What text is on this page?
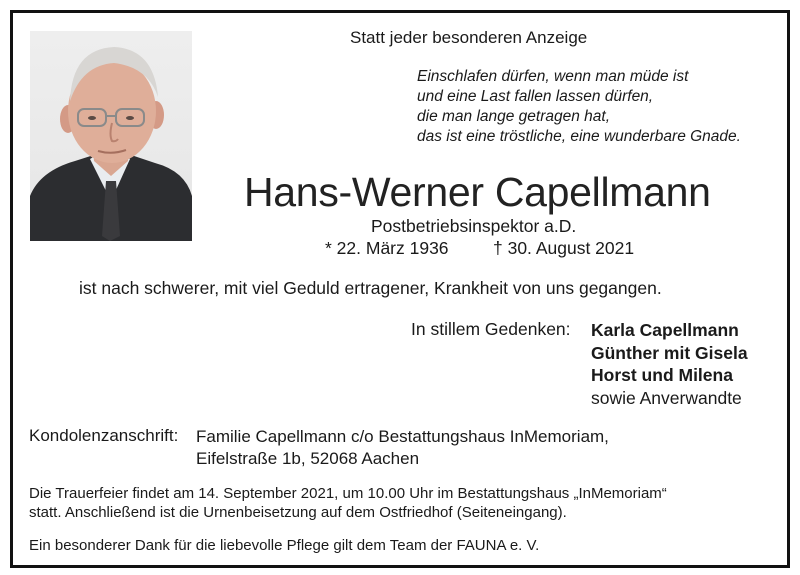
Statt jeder besonderen Anzeige
Einschlafen dürfen, wenn man müde ist
und eine Last fallen lassen dürfen,
die man lange getragen hat,
das ist eine tröstliche, eine wunderbare Gnade.
Hans-Werner Capellmann
Postbetriebsinspektor a.D.
* 22. März 1936	† 30. August 2021
ist nach schwerer, mit viel Geduld ertragener, Krankheit von uns gegangen.
In stillem Gedenken: Karla Capellmann
Günther mit Gisela
Horst und Milena
sowie Anverwandte
Kondolenzanschrift: Familie Capellmann c/o Bestattungshaus InMemoriam,
Eifelstraße 1b, 52068 Aachen
Die Trauerfeier findet am 14. September 2021, um 10.00 Uhr im Bestattungshaus „InMemoriam“
statt. Anschließend ist die Urnenbeisetzung auf dem Ostfriedhof (Seiteneingang).
Ein besonderer Dank für die liebevolle Pflege gilt dem Team der FAUNA e. V.
